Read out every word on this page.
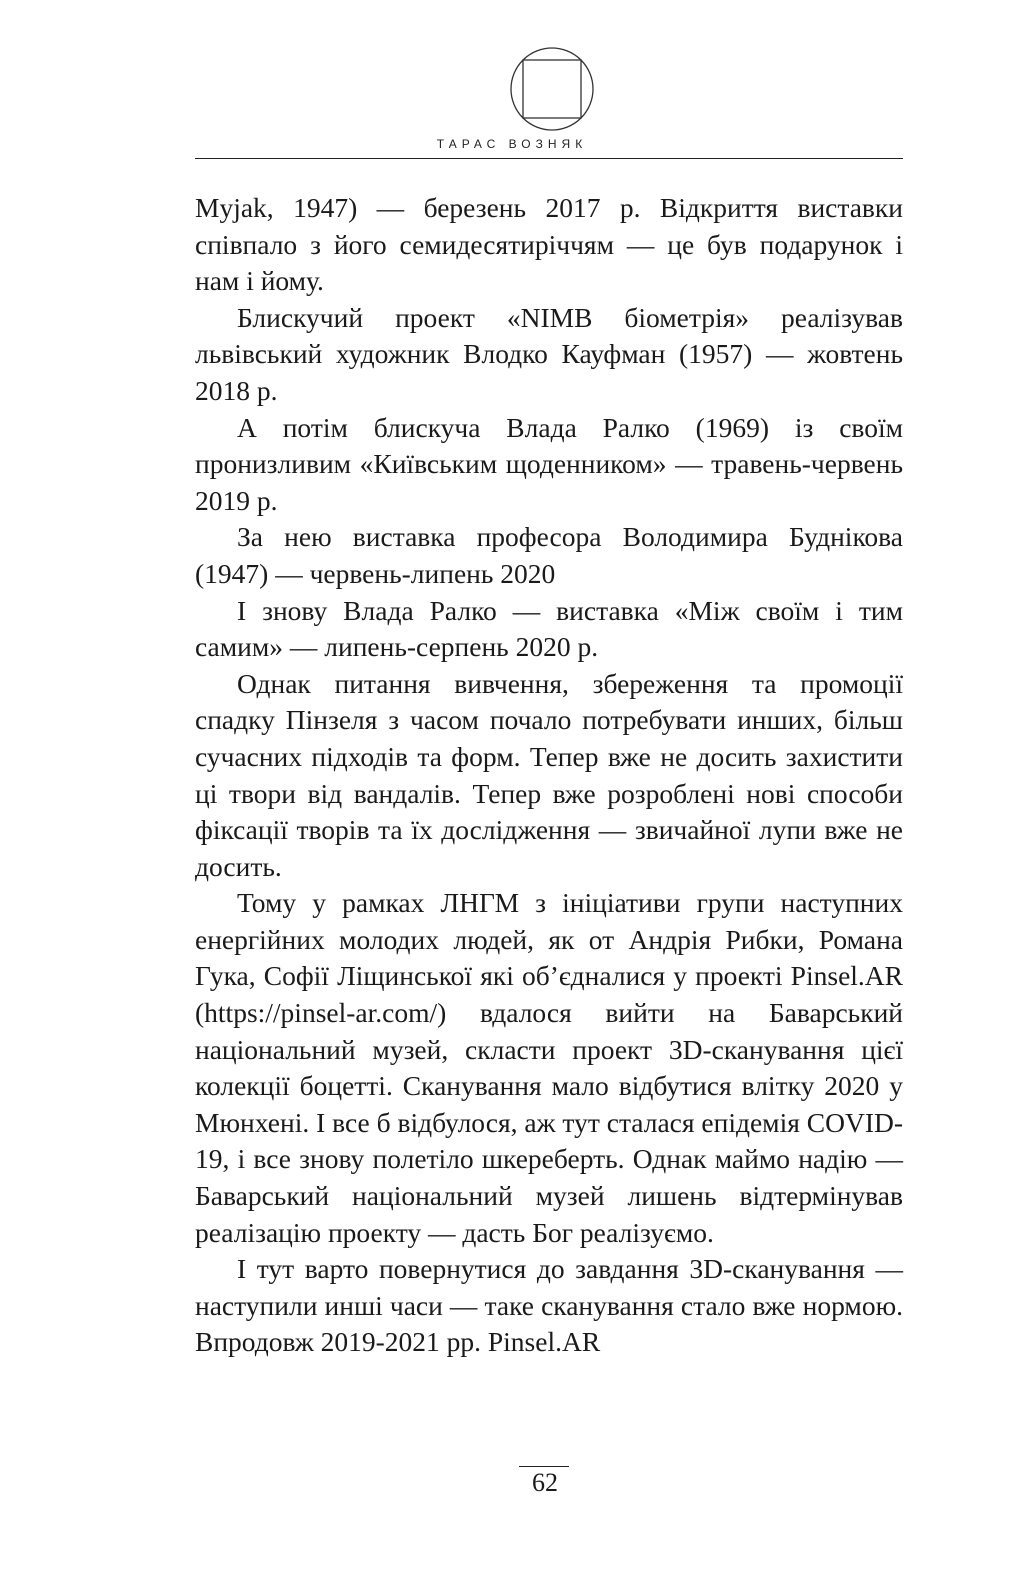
ТАРАС ВОЗНЯК

Mуjak, 1947) — березень 2017 р. Відкриття виставки співпало з його семидесятиріччям — це був подарунок і нам і йому.

Блискучий проект «NIMB біометрія» реалізував львівський художник Влодко Кауфман (1957) — жовтень 2018 р.

А потім блискуча Влада Ралко (1969) із своїм пронизливим «Київським щоденником» — травень-червень 2019 р.

За нею виставка професора Володимира Буднікова (1947) — червень-липень 2020

І знову Влада Ралко — виставка «Між своїм і тим самим» — липень-серпень 2020 р.

Однак питання вивчення, збереження та промоції спадку Пінзеля з часом почало потребувати инших, більш сучасних підходів та форм. Тепер вже не досить захистити ці твори від вандалів. Тепер вже розроблені нові способи фіксації творів та їх дослідження — звичайної лупи вже не досить.

Тому у рамках ЛНГМ з ініціативи групи наступних енергійних молодих людей, як от Андрія Рибки, Романа Гука, Софії Ліщинської які об’єдналися у проекті Pinsel.AR (https://pinsel-ar.com/) вдалося вийти на Баварський національний музей, скласти проект 3D-сканування цієї колекції боцетті. Сканування мало відбутися влітку 2020 у Мюнхені. І все б відбулося, аж тут сталася епідемія COVID-19, і все знову полетіло шкереберть. Однак маймо надію — Баварський національний музей лишень відтермінував реалізацію проекту — дасть Бог реалізуємо.

І тут варто повернутися до завдання 3D-сканування — наступили инші часи — таке сканування стало вже нормою. Впродовж 2019-2021 рр. Pinsel.AR

62
